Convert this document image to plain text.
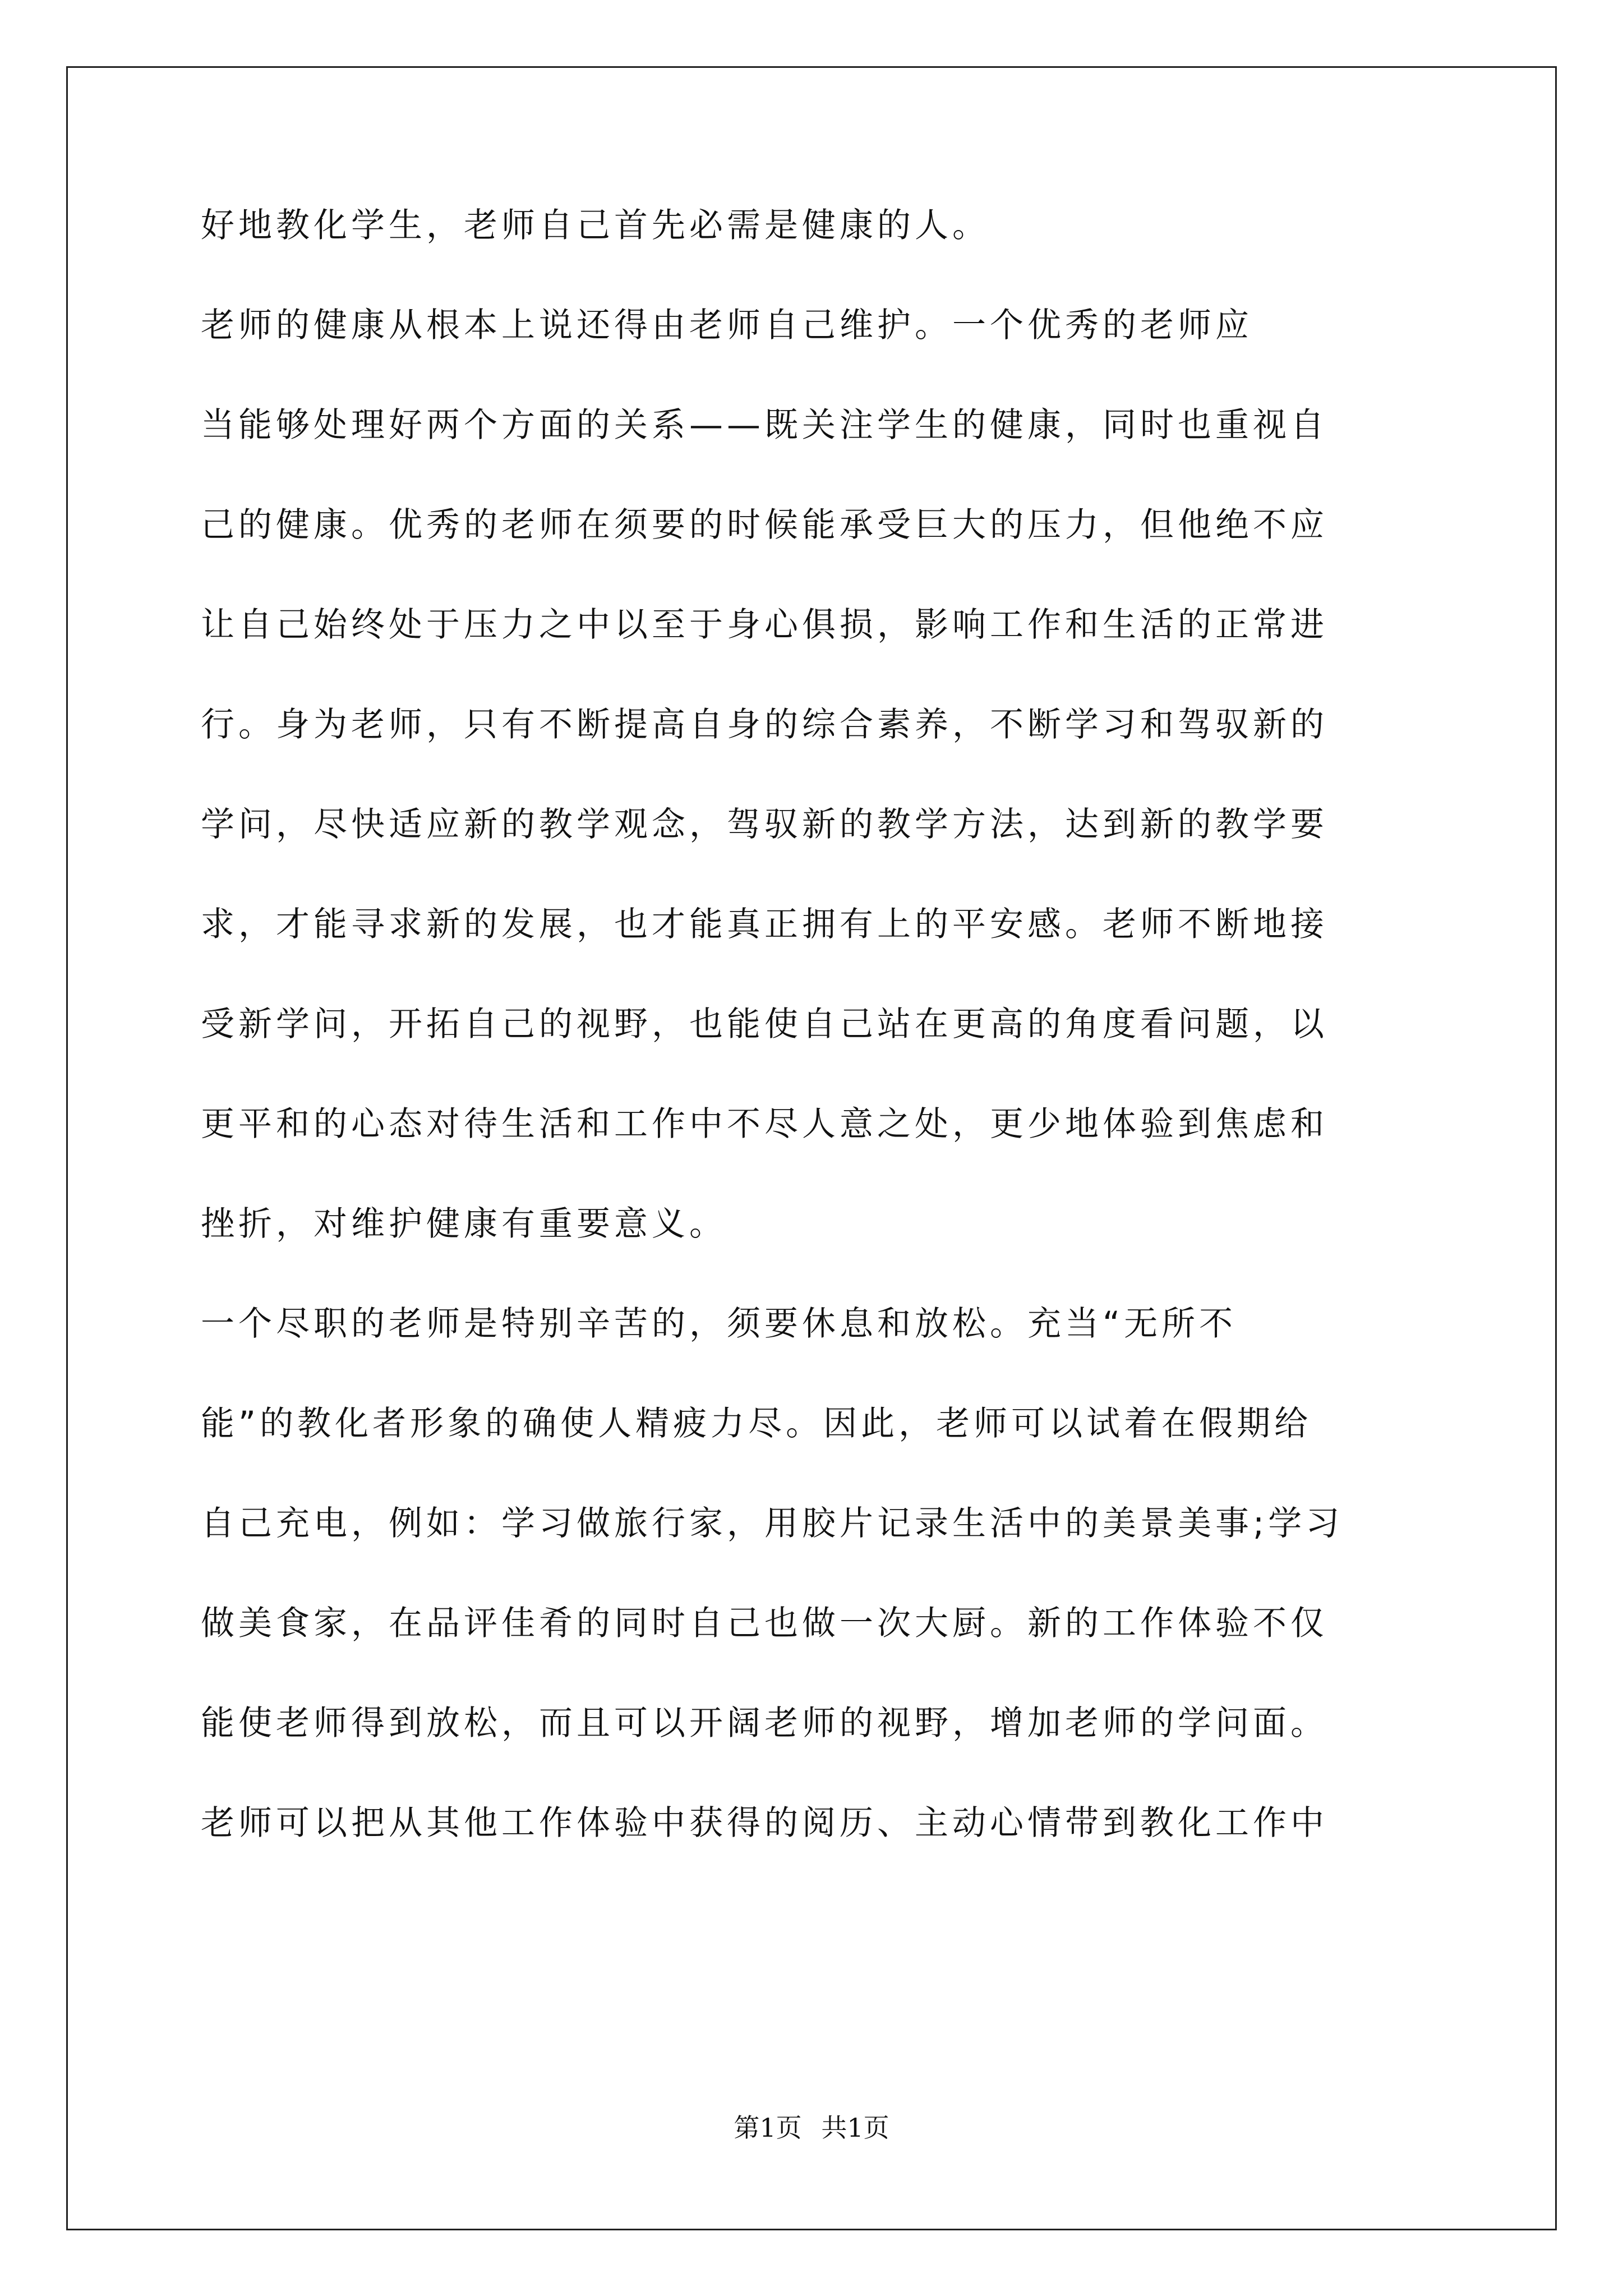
好地教化学生，老师自己首先必需是健康的人。
老师的健康从根本上说还得由老师自己维护。一个优秀的老师应
当能够处理好两个方面的关系——既关注学生的健康，同时也重视自
己的健康。优秀的老师在须要的时候能承受巨大的压力，但他绝不应
让自己始终处于压力之中以至于身心俱损，影响工作和生活的正常进
行。身为老师，只有不断提高自身的综合素养，不断学习和驾驭新的
学问，尽快适应新的教学观念，驾驭新的教学方法，达到新的教学要
求，才能寻求新的发展，也才能真正拥有上的平安感。老师不断地接
受新学问，开拓自己的视野，也能使自己站在更高的角度看问题，以
更平和的心态对待生活和工作中不尽人意之处，更少地体验到焦虑和
挫折，对维护健康有重要意义。
一个尽职的老师是特别辛苦的，须要休息和放松。充当“无所不
能”的教化者形象的确使人精疲力尽。因此，老师可以试着在假期给
自己充电，例如：学习做旅行家，用胶片记录生活中的美景美事;学习
做美食家，在品评佳肴的同时自己也做一次大厨。新的工作体验不仅
能使老师得到放松，而且可以开阔老师的视野，增加老师的学问面。
老师可以把从其他工作体验中获得的阅历、主动心情带到教化工作中
第1页 共1页
